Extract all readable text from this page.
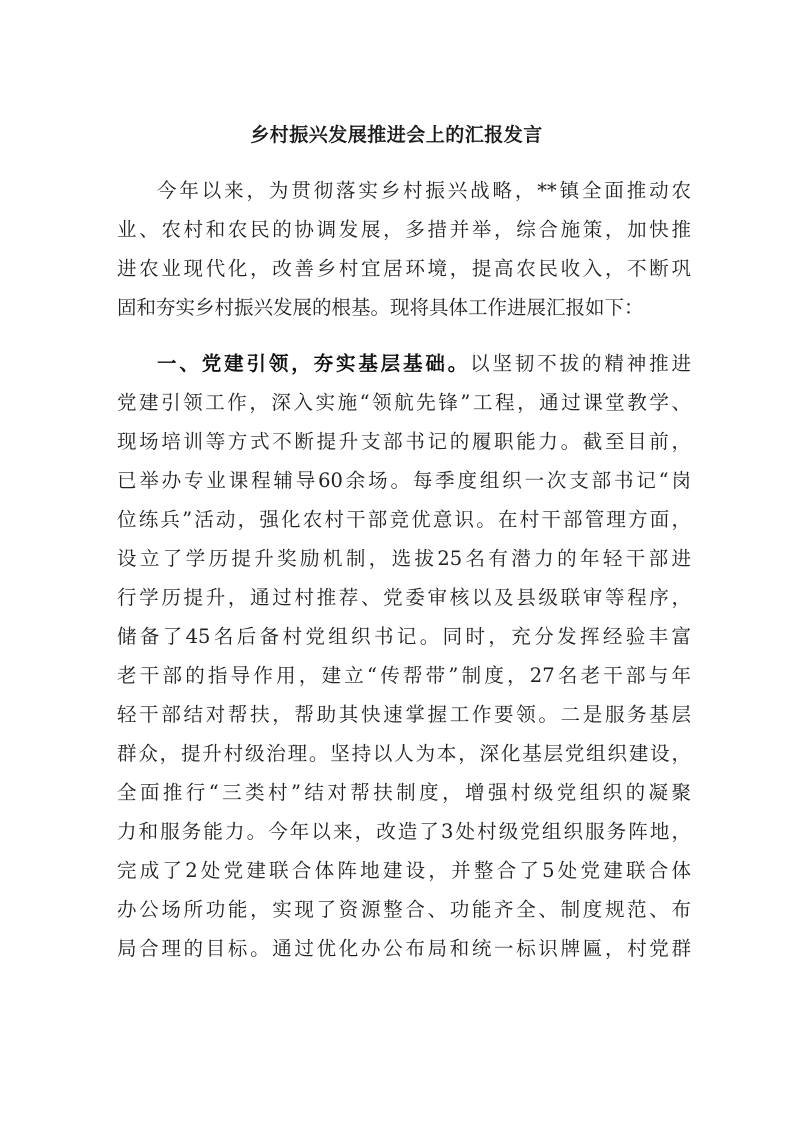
乡村振兴发展推进会上的汇报发言
今年以来，为贯彻落实乡村振兴战略，**镇全面推动农
业、农村和农民的协调发展，多措并举，综合施策，加快推
进农业现代化，改善乡村宜居环境，提高农民收入，不断巩
固和夯实乡村振兴发展的根基。现将具体工作进展汇报如下：
一、党建引领，夯实基层基础。以坚韧不拔的精神推进
党建引领工作，深入实施“领航先锋”工程，通过课堂教学、
现场培训等方式不断提升支部书记的履职能力。截至目前，
已举办专业课程辅导60余场。每季度组织一次支部书记“岗
位练兵”活动，强化农村干部竞优意识。在村干部管理方面，
设立了学历提升奖励机制，选拔25名有潜力的年轻干部进
行学历提升，通过村推荐、党委审核以及县级联审等程序，
储备了45名后备村党组织书记。同时，充分发挥经验丰富
老干部的指导作用，建立“传帮带”制度，27名老干部与年
轻干部结对帮扶，帮助其快速掌握工作要领。二是服务基层
群众，提升村级治理。坚持以人为本，深化基层党组织建设，
全面推行“三类村”结对帮扶制度，增强村级党组织的凝聚
力和服务能力。今年以来，改造了3处村级党组织服务阵地，
完成了2处党建联合体阵地建设，并整合了5处党建联合体
办公场所功能，实现了资源整合、功能齐全、制度规范、布
局合理的目标。通过优化办公布局和统一标识牌匾，村党群
